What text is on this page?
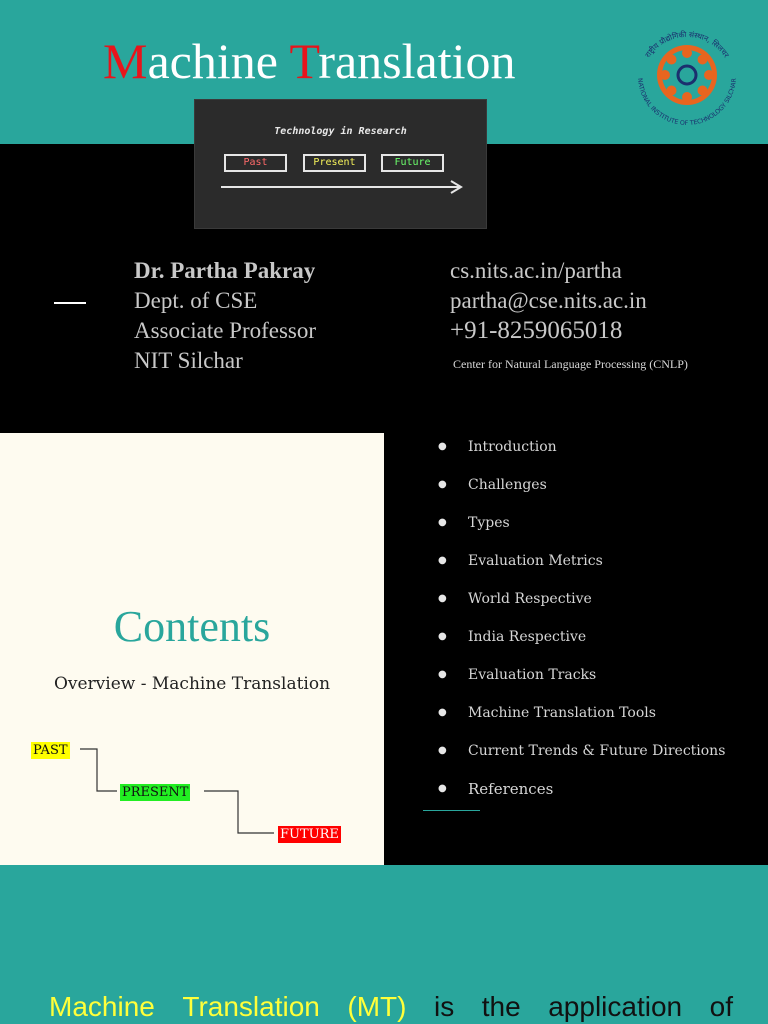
Machine Translation	राष्ट्रीय प्रौद्योगिकी संस्थान, सिलचर
NATIONAL INSTITUTE OF TECHNOLOGY SILCHAR
Technology in Research
Past	Present	Future
Dr. Partha Pakray
Dept. of CSE
Associate Professor
NIT Silchar
cs.nits.ac.in/partha
partha@cse.nits.ac.in
+91-8259065018
Center for Natural Language Processing (CNLP)
Contents
Overview - Machine Translation
PAST
PRESENT
FUTURE
● Introduction
● Challenges
● Types
● Evaluation Metrics
● World Respective
● India Respective
● Evaluation Tracks
● Machine Translation Tools
● Current Trends & Future Directions
● References
Machine Translation (MT) is the application of
